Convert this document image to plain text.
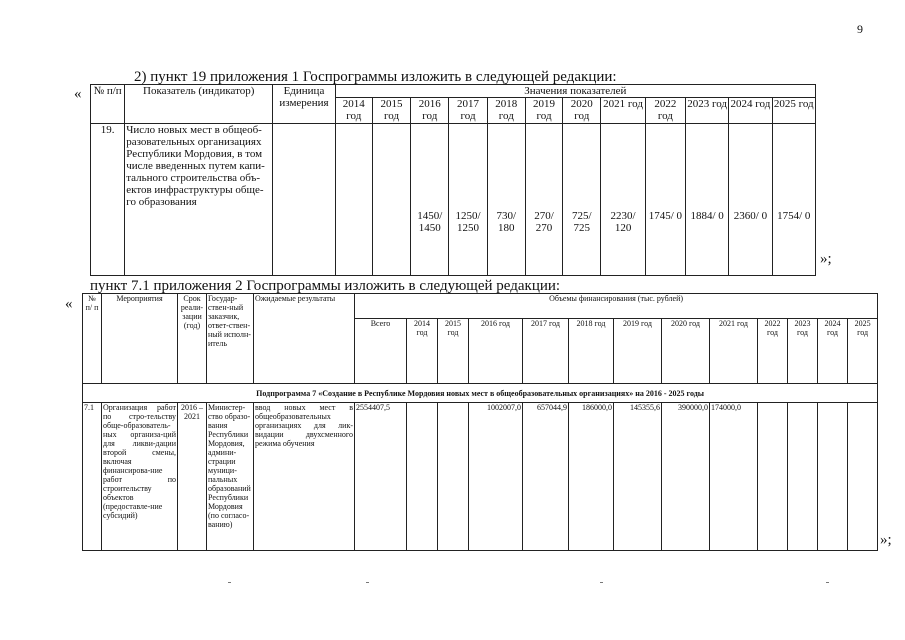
9
2) пункт 19 приложения 1 Госпрограммы изложить в следующей редакции:
«
»;
№ п/п	Показатель (индикатор)	Единица измерения	Значения показателей											
			2014 год	2015 год	2016 год	2017 год	2018 год	2019 год	2020 год	2021 год	2022 год	2023 год	2024 год	2025 год
19.	Число новых мест в общеоб-разовательных организациях Республики Мордовия, в том числе введенных путем капи-тального строительства объ-ектов инфраструктуры обще-го образования				1450/ 1450	1250/ 1250	730/ 180	270/ 270	725/ 725	2230/ 120	1745/ 0	1884/ 0	2360/ 0	1754/ 0
пункт 7.1 приложения 2 Госпрограммы изложить в следующей редакции:
«
»;
№ п/ п	Мероприятия	Срок реали-зации (год)	Государ-ствен-ный заказчик, ответ-ствен-ный исполн-итель	Ожидаемые результаты	Объемы финансирования (тыс. рублей)												
					Всего	2014 год	2015 год	2016 год	2017 год	2018 год	2019 год	2020 год	2021 год	2022 год	2023 год	2024 год	2025 год
Подпрограмма 7 «Создание в Республике Мордовия новых мест в общеобразовательных организациях» на 2016 - 2025 годы																	
7.1	Организация работ по стро-тельству обще-образователь-ных организа-ций для ликви-дации второй смены, включая финансирова-ние работ по строительству объектов (предоставле-ние субсидий)	2016 – 2021	Министер-ство образо-вания Республики Мордовия, админи-страции муници-пальных образований Республики Мордовия (по согласо-ванию)	ввод новых мест в общеобразовательных организациях для лик-видации двухсменного режима обучения	2554407,5			1002007,0	657044,9	186000,0	145355,6	390000,0	174000,0				
